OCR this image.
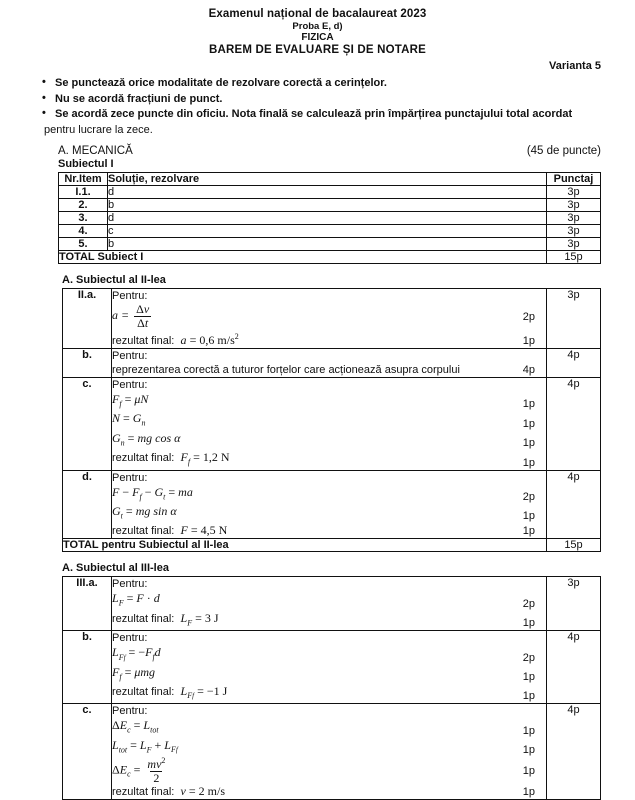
Examenul național de bacalaureat 2023
Proba E, d)
FIZICA
BAREM DE EVALUARE ȘI DE NOTARE
Varianta 5
• Se punctează orice modalitate de rezolvare corectă a cerințelor.
• Nu se acordă fracțiuni de punct.
• Se acordă zece puncte din oficiu. Nota finală se calculează prin împărțirea punctajului total acordat
pentru lucrare la zece.
A. MECANICĂ	(45 de puncte)
Subiectul I
Nr.Item	Soluție, rezolvare	Punctaj
I.1.	d	3p
2.	b	3p
3.	d	3p
4.	c	3p
5.	b	3p
TOTAL Subiect I		15p
A. Subiectul al II-lea
II.a.	Pentru:
$a = \frac{\Delta v}{\Delta t}$	2p
rezultat final: a = 0,6 $m/s^2$	1p
	3p
b.	Pentru:
reprezentarea corectă a tuturor forțelor care acționează asupra corpului 4p	4p
c.	Pentru:
$F_f = \mu N$	1p
$N = G_n$	1p
$G_n$ = mg cos α	1p
rezultat final: $F_f = 1,2$ N	1p
	4p
d.	Pentru:
$F - F_f - G_t$ = ma	2p
$G_t$ = mg sin α	1p
rezultat final: F = 4,5 N	1p
	4p
TOTAL pentru Subiectul al II-lea		15p
A. Subiectul al III-lea
III.a.	Pentru:
$L_F = F \cdot d$ 2p
rezultat final: $L_F = 3$ J 1p	3p
b.	Pentru:
$L_{Ff} = -F_fd$	2p
$F_f = \mu mg$	1p
rezultat final: $L_{Ff} = -1$ J	1p
	4p
c.	Pentru:
$\Delta E_c = L_{tot}$	1p
$L_{tot} = L_F + L_{Ff}$	1p
$\Delta E_c = \frac{mv^2}{2}$	1p
rezultat final: v = 2 m/s	1p
	4p
